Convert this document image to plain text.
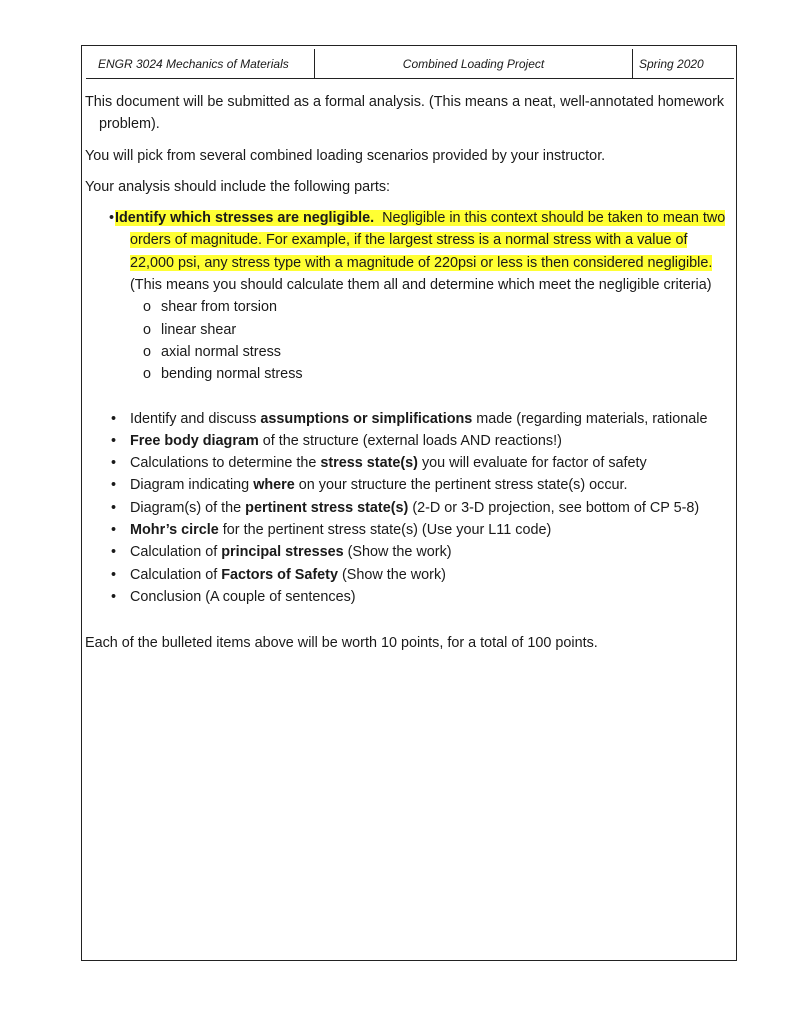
ENGR 3024 Mechanics of Materials	Combined Loading Project	Spring 2020

This document will be submitted as a formal analysis. (This means a neat, well-annotated homework problem).

You will pick from several combined loading scenarios provided by your instructor.

Your analysis should include the following parts:

• Identify which stresses are negligible. Negligible in this context should be taken to mean two orders of magnitude. For example, if the largest stress is a normal stress with a value of 22,000 psi, any stress type with a magnitude of 220psi or less is then considered negligible.  (This means you should calculate them all and determine which meet the negligible criteria)
o shear from torsion
o linear shear
o axial normal stress
o bending normal stress
• Identify and discuss assumptions or simplifications made (regarding materials, rationale
• Free body diagram of the structure (external loads AND reactions!)
• Calculations to determine the stress state(s) you will evaluate for factor of safety
• Diagram indicating where on your structure the pertinent stress state(s) occur.
• Diagram(s) of the pertinent stress state(s) (2-D or 3-D projection, see bottom of CP 5-8)
• Mohr’s circle for the pertinent stress state(s) (Use your L11 code)
• Calculation of principal stresses (Show the work)
• Calculation of Factors of Safety (Show the work)
• Conclusion (A couple of sentences)

Each of the bulleted items above will be worth 10 points, for a total of 100 points.
